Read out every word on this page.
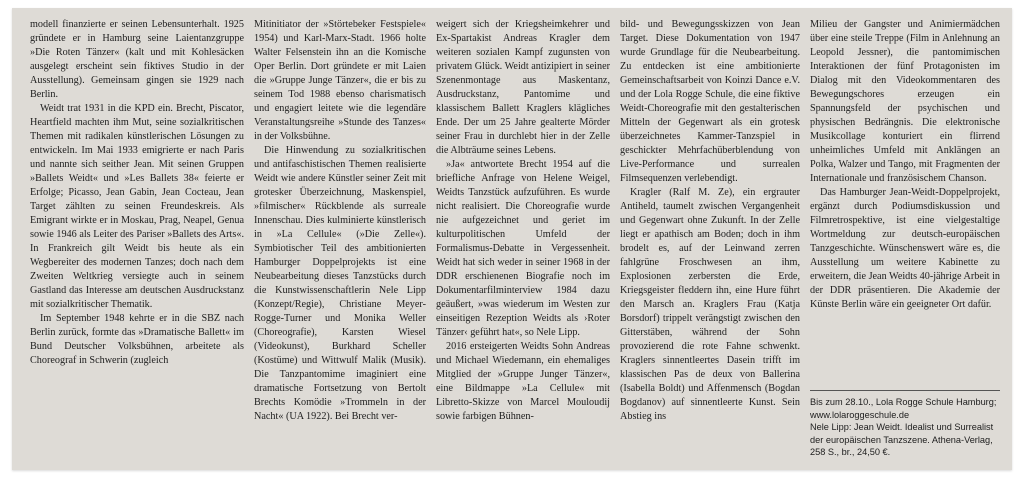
modell finanzierte er seinen Lebensunterhalt. 1925 gründete er in Hamburg seine Laientanzgruppe »Die Roten Tänzer« (kalt und mit Kohlesäcken ausgelegt erscheint sein fiktives Studio in der Ausstellung). Gemeinsam gingen sie 1929 nach Berlin.

Weidt trat 1931 in die KPD ein. Brecht, Piscator, Heartfield machten ihm Mut, seine sozialkritischen Themen mit radikalen künstlerischen Lösungen zu entwickeln. Im Mai 1933 emigrierte er nach Paris und nannte sich seither Jean. Mit seinen Gruppen »Ballets Weidt« und »Les Ballets 38« feierte er Erfolge; Picasso, Jean Gabin, Jean Cocteau, Jean Target zählten zu seinen Freundeskreis. Als Emigrant wirkte er in Moskau, Prag, Neapel, Genua sowie 1946 als Leiter des Pariser »Ballets des Arts«. In Frankreich gilt Weidt bis heute als ein Wegbereiter des modernen Tanzes; doch nach dem Zweiten Weltkrieg versiegte auch in seinem Gastland das Interesse am deutschen Ausdruckstanz mit sozialkritischer Thematik.

Im September 1948 kehrte er in die SBZ nach Berlin zurück, formte das »Dramatische Ballett« im Bund Deutscher Volksbühnen, arbeitete als Choreograf in Schwerin (zugleich

Mitinitiator der »Störtebeker Festspiele« 1954) und Karl-Marx-Stadt. 1966 holte Walter Felsenstein ihn an die Komische Oper Berlin. Dort gründete er mit Laien die »Gruppe Junge Tänzer«, die er bis zu seinem Tod 1988 ebenso charismatisch und engagiert leitete wie die legendäre Veranstaltungsreihe »Stunde des Tanzes« in der Volksbühne.

Die Hinwendung zu sozialkritischen und antifaschistischen Themen realisierte Weidt wie andere Künstler seiner Zeit mit grotesker Überzeichnung, Maskenspiel, »filmischer« Rückblende als surreale Innenschau. Dies kulminierte künstlerisch in »La Cellule« (»Die Zelle«). Symbiotischer Teil des ambitionierten Hamburger Doppelprojekts ist eine Neubearbeitung dieses Tanzstücks durch die Kunstwissenschaftlerin Nele Lipp (Konzept/Regie), Christiane Meyer-Rogge-Turner und Monika Weller (Choreografie), Karsten Wiesel (Videokunst), Burkhard Scheller (Kostüme) und Wittwulf Malik (Musik). Die Tanzpantomime imaginiert eine dramatische Fortsetzung von Bertolt Brechts Komödie »Trommeln in der Nacht« (UA 1922). Bei Brecht ver-

weigert sich der Kriegsheimkehrer und Ex-Spartakist Andreas Kragler dem weiteren sozialen Kampf zugunsten von privatem Glück. Weidt antizipiert in seiner Szenenmontage aus Maskentanz, Ausdruckstanz, Pantomime und klassischem Ballett Kraglers klägliches Ende. Der um 25 Jahre gealterte Mörder seiner Frau in durchlebt hier in der Zelle die Albträume seines Lebens.

»Ja« antwortete Brecht 1954 auf die briefliche Anfrage von Helene Weigel, Weidts Tanzstück aufzuführen. Es wurde nicht realisiert. Die Choreografie wurde nie aufgezeichnet und geriet im kulturpolitischen Umfeld der Formalismus-Debatte in Vergessenheit. Weidt hat sich weder in seiner 1968 in der DDR erschienenen Biografie noch im Dokumentarfilminterview 1984 dazu geäußert, »was wiederum im Westen zur einseitigen Rezeption Weidts als ›Roter Tänzer‹ geführt hat«, so Nele Lipp.

2016 ersteigerten Weidts Sohn Andreas und Michael Wiedemann, ein ehemaliges Mitglied der »Gruppe Junger Tänzer«, eine Bildmappe »La Cellule« mit Libretto-Skizze von Marcel Mouloudij sowie farbigen Bühnen-

bild- und Bewegungsskizzen von Jean Target. Diese Dokumentation von 1947 wurde Grundlage für die Neubearbeitung. Zu entdecken ist eine ambitionierte Gemeinschaftsarbeit von Koinzi Dance e.V. und der Lola Rogge Schule, die eine fiktive Weidt-Choreografie mit den gestalterischen Mitteln der Gegenwart als ein grotesk überzeichnetes Kammer-Tanzspiel in geschickter Mehrfachüberblendung von Live-Performance und surrealen Filmsequenzen verlebendigt.

Kragler (Ralf M. Ze), ein ergrauter Antiheld, taumelt zwischen Vergangenheit und Gegenwart ohne Zukunft. In der Zelle liegt er apathisch am Boden; doch in ihm brodelt es, auf der Leinwand zerren fahlgrüne Froschwesen an ihm, Explosionen zerbersten die Erde, Kriegsgeister fleddern ihn, eine Hure führt den Marsch an. Kraglers Frau (Katja Borsdorf) trippelt verängstigt zwischen den Gitterstäben, während der Sohn provozierend die rote Fahne schwenkt. Kraglers sinnentleertes Dasein trifft im klassischen Pas de deux von Ballerina (Isabella Boldt) und Affenmensch (Bogdan Bogdanov) auf sinnentleerte Kunst. Sein Abstieg ins

Milieu der Gangster und Animiermädchen über eine steile Treppe (Film in Anlehnung an Leopold Jessner), die pantomimischen Interaktionen der fünf Protagonisten im Dialog mit den Videokommentaren des Bewegungschores erzeugen ein Spannungsfeld der psychischen und physischen Bedrängnis. Die elektronische Musikcollage konturiert ein flirrend unheimliches Umfeld mit Anklängen an Polka, Walzer und Tango, mit Fragmenten der Internationale und französischem Chanson.

Das Hamburger Jean-Weidt-Doppelprojekt, ergänzt durch Podiumsdiskussion und Filmretrospektive, ist eine vielgestaltige Wortmeldung zur deutsch-europäischen Tanzgeschichte. Wünschenswert wäre es, die Ausstellung um weitere Kabinette zu erweitern, die Jean Weidts 40-jährige Arbeit in der DDR präsentieren. Die Akademie der Künste Berlin wäre ein geeigneter Ort dafür.

Bis zum 28.10., Lola Rogge Schule Hamburg; www.lolaroggeschule.de

Nele Lipp: Jean Weidt. Idealist und Surrealist der europäischen Tanzszene. Athena-Verlag, 258 S., br., 24,50 €.
